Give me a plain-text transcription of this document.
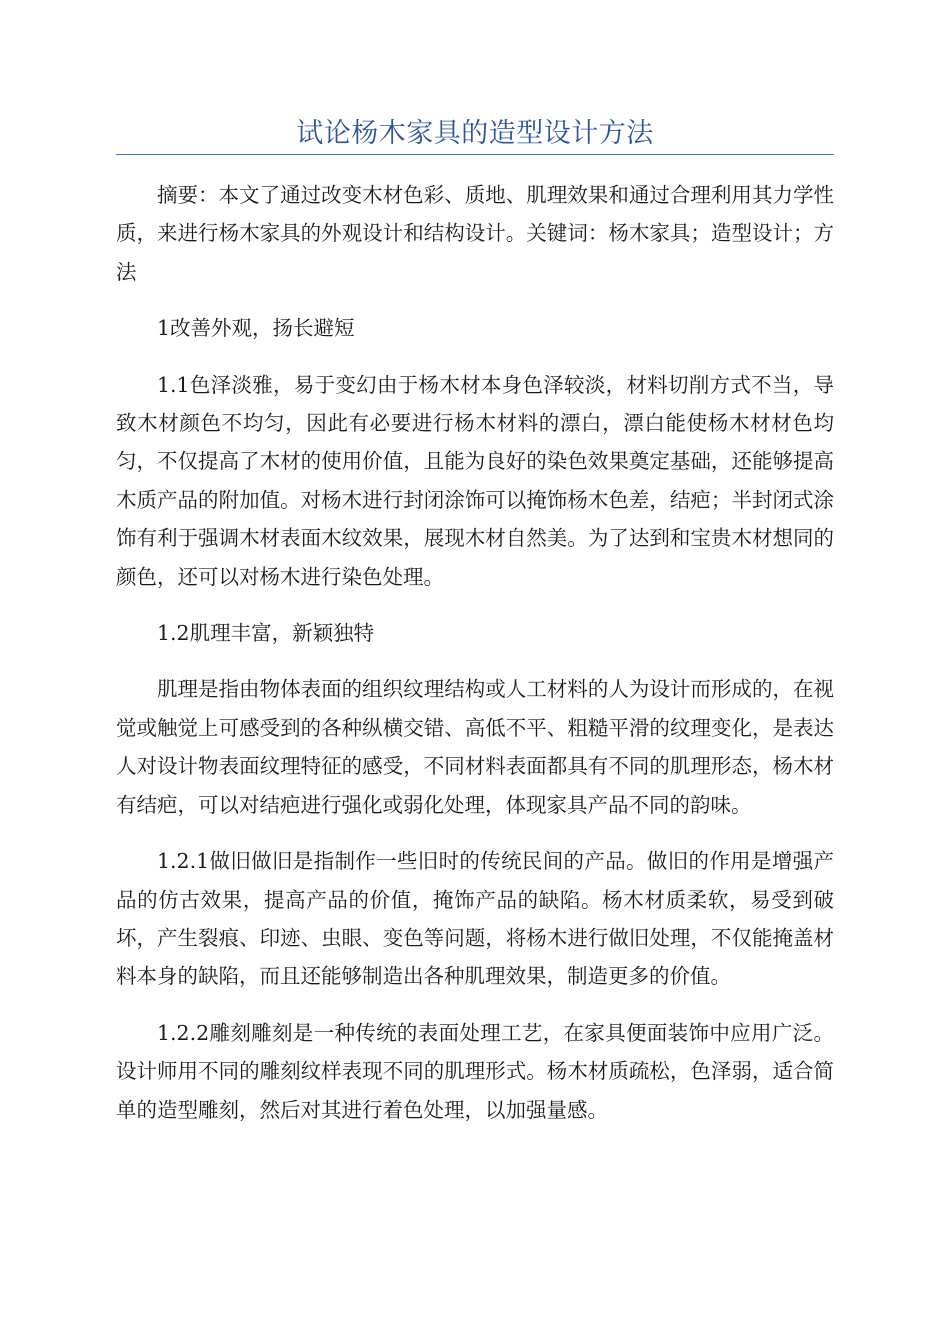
试论杨木家具的造型设计方法

摘要：本文了通过改变木材色彩、质地、肌理效果和通过合理利用其力学性质，来进行杨木家具的外观设计和结构设计。关键词：杨木家具；造型设计；方法

1改善外观，扬长避短

1.1色泽淡雅，易于变幻由于杨木材本身色泽较淡，材料切削方式不当，导致木材颜色不均匀，因此有必要进行杨木材料的漂白，漂白能使杨木材材色均匀，不仅提高了木材的使用价值，且能为良好的染色效果奠定基础，还能够提高木质产品的附加值。对杨木进行封闭涂饰可以掩饰杨木色差，结疤；半封闭式涂饰有利于强调木材表面木纹效果，展现木材自然美。为了达到和宝贵木材想同的颜色，还可以对杨木进行染色处理。

1.2肌理丰富，新颖独特

肌理是指由物体表面的组织纹理结构或人工材料的人为设计而形成的，在视觉或触觉上可感受到的各种纵横交错、高低不平、粗糙平滑的纹理变化，是表达人对设计物表面纹理特征的感受，不同材料表面都具有不同的肌理形态，杨木材有结疤，可以对结疤进行强化或弱化处理，体现家具产品不同的韵味。

1.2.1做旧做旧是指制作一些旧时的传统民间的产品。做旧的作用是增强产品的仿古效果，提高产品的价值，掩饰产品的缺陷。杨木材质柔软，易受到破坏，产生裂痕、印迹、虫眼、变色等问题，将杨木进行做旧处理，不仅能掩盖材料本身的缺陷，而且还能够制造出各种肌理效果，制造更多的价值。

1.2.2雕刻雕刻是一种传统的表面处理工艺，在家具便面装饰中应用广泛。设计师用不同的雕刻纹样表现不同的肌理形式。杨木材质疏松，色泽弱，适合简单的造型雕刻，然后对其进行着色处理，以加强量感。
